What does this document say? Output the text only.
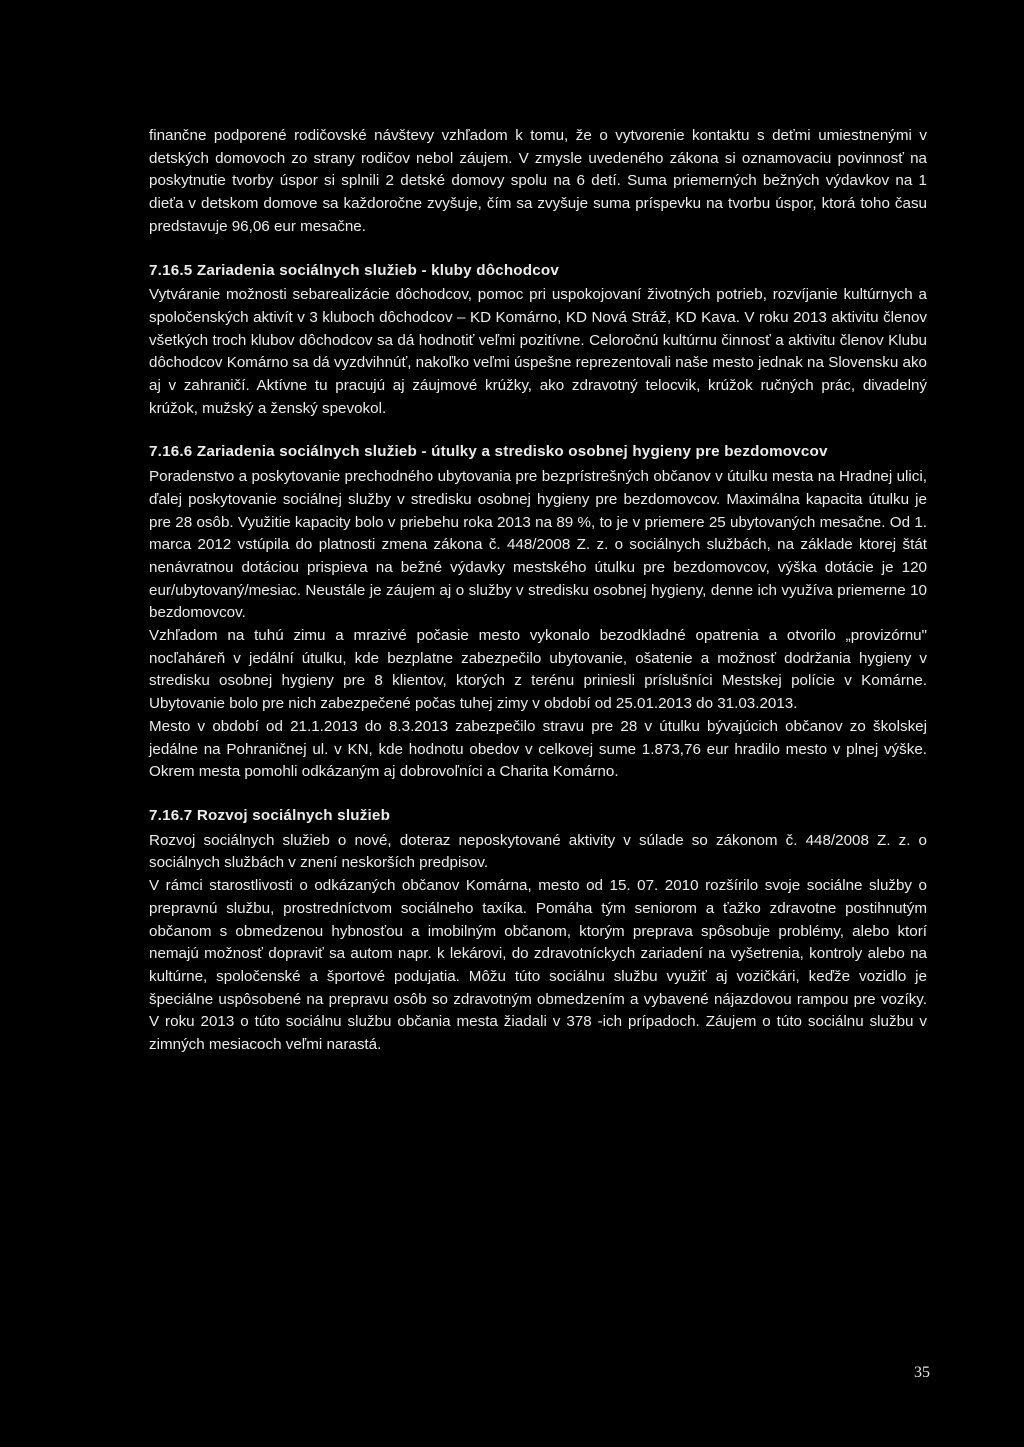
finančne podporené rodičovské návštevy vzhľadom k tomu, že o vytvorenie kontaktu s deťmi umiestnenými v detských domovoch zo strany rodičov nebol záujem. V zmysle uvedeného zákona si oznamovaciu povinnosť na poskytnutie tvorby úspor si splnili 2 detské domovy spolu na 6 detí. Suma priemerných bežných výdavkov na 1 dieťa v detskom domove sa každoročne zvyšuje, čím sa zvyšuje suma príspevku na tvorbu úspor, ktorá toho času predstavuje 96,06 eur mesačne.

7.16.5 Zariadenia sociálnych služieb - kluby dôchodcov

Vytváranie možnosti sebarealizácie dôchodcov, pomoc pri uspokojovaní životných potrieb, rozvíjanie kultúrnych a spoločenských aktivít v 3 kluboch dôchodcov – KD Komárno, KD Nová Stráž, KD Kava. V roku 2013 aktivitu členov všetkých troch klubov dôchodcov sa dá hodnotiť veľmi pozitívne. Celoročnú kultúrnu činnosť a aktivitu členov Klubu dôchodcov Komárno sa dá vyzdvihnúť, nakoľko veľmi úspešne reprezentovali naše mesto jednak na Slovensku ako aj v zahraničí. Aktívne tu pracujú aj záujmové krúžky, ako zdravotný telocvik, krúžok ručných prác, divadelný krúžok, mužský a ženský spevokol.

7.16.6 Zariadenia sociálnych služieb - útulky a stredisko osobnej hygieny pre bezdomovcov

Poradenstvo a poskytovanie prechodného ubytovania pre bezprístrešných občanov v útulku mesta na Hradnej ulici, ďalej poskytovanie sociálnej služby v stredisku osobnej hygieny pre bezdomovcov. Maximálna kapacita útulku je pre 28 osôb. Využitie kapacity bolo v priebehu roka 2013 na 89 %, to je v priemere 25 ubytovaných mesačne. Od 1. marca 2012 vstúpila do platnosti zmena zákona č. 448/2008 Z. z. o sociálnych službách, na základe ktorej štát nenávratnou dotáciou prispieva na bežné výdavky mestského útulku pre bezdomovcov, výška dotácie je 120 eur/ubytovaný/mesiac. Neustále je záujem aj o služby v stredisku osobnej hygieny, denne ich využíva priemerne 10 bezdomovcov.

Vzhľadom na tuhú zimu a mrazivé počasie mesto vykonalo bezodkladné opatrenia a otvorilo „provizórnu" nocľaháreň v jedální útulku, kde bezplatne zabezpečilo ubytovanie, ošatenie a možnosť dodržania hygieny v stredisku osobnej hygieny pre 8 klientov, ktorých z terénu priniesli príslušníci Mestskej polície v Komárne. Ubytovanie bolo pre nich zabezpečené počas tuhej zimy v období od 25.01.2013 do 31.03.2013.

Mesto v období od 21.1.2013 do 8.3.2013 zabezpečilo stravu pre 28 v útulku bývajúcich občanov zo školskej jedálne na Pohraničnej ul. v KN, kde hodnotu obedov v celkovej sume 1.873,76 eur hradilo mesto v plnej výške. Okrem mesta pomohli odkázaným aj dobrovoľníci a Charita Komárno.

7.16.7 Rozvoj sociálnych služieb

Rozvoj sociálnych služieb o nové, doteraz neposkytované aktivity v súlade so zákonom č. 448/2008 Z. z. o sociálnych službách v znení neskorších predpisov.

V rámci starostlivosti o odkázaných občanov Komárna, mesto od 15. 07. 2010 rozšírilo svoje sociálne služby o prepravnú službu, prostredníctvom sociálneho taxíka. Pomáha tým seniorom a ťažko zdravotne postihnutým občanom s obmedzenou hybnosťou a imobilným občanom, ktorým preprava spôsobuje problémy, alebo ktorí nemajú možnosť dopraviť sa autom napr. k lekárovi, do zdravotníckych zariadení na vyšetrenia, kontroly alebo na kultúrne, spoločenské a športové podujatia. Môžu túto sociálnu službu využiť aj vozičkári, keďže vozidlo je špeciálne uspôsobené na prepravu osôb so zdravotným obmedzením a vybavené nájazdovou rampou pre vozíky. V roku 2013 o túto sociálnu službu občania mesta žiadali v 378 -ich prípadoch. Záujem o túto sociálnu službu v zimných mesiacoch veľmi narastá.

35
